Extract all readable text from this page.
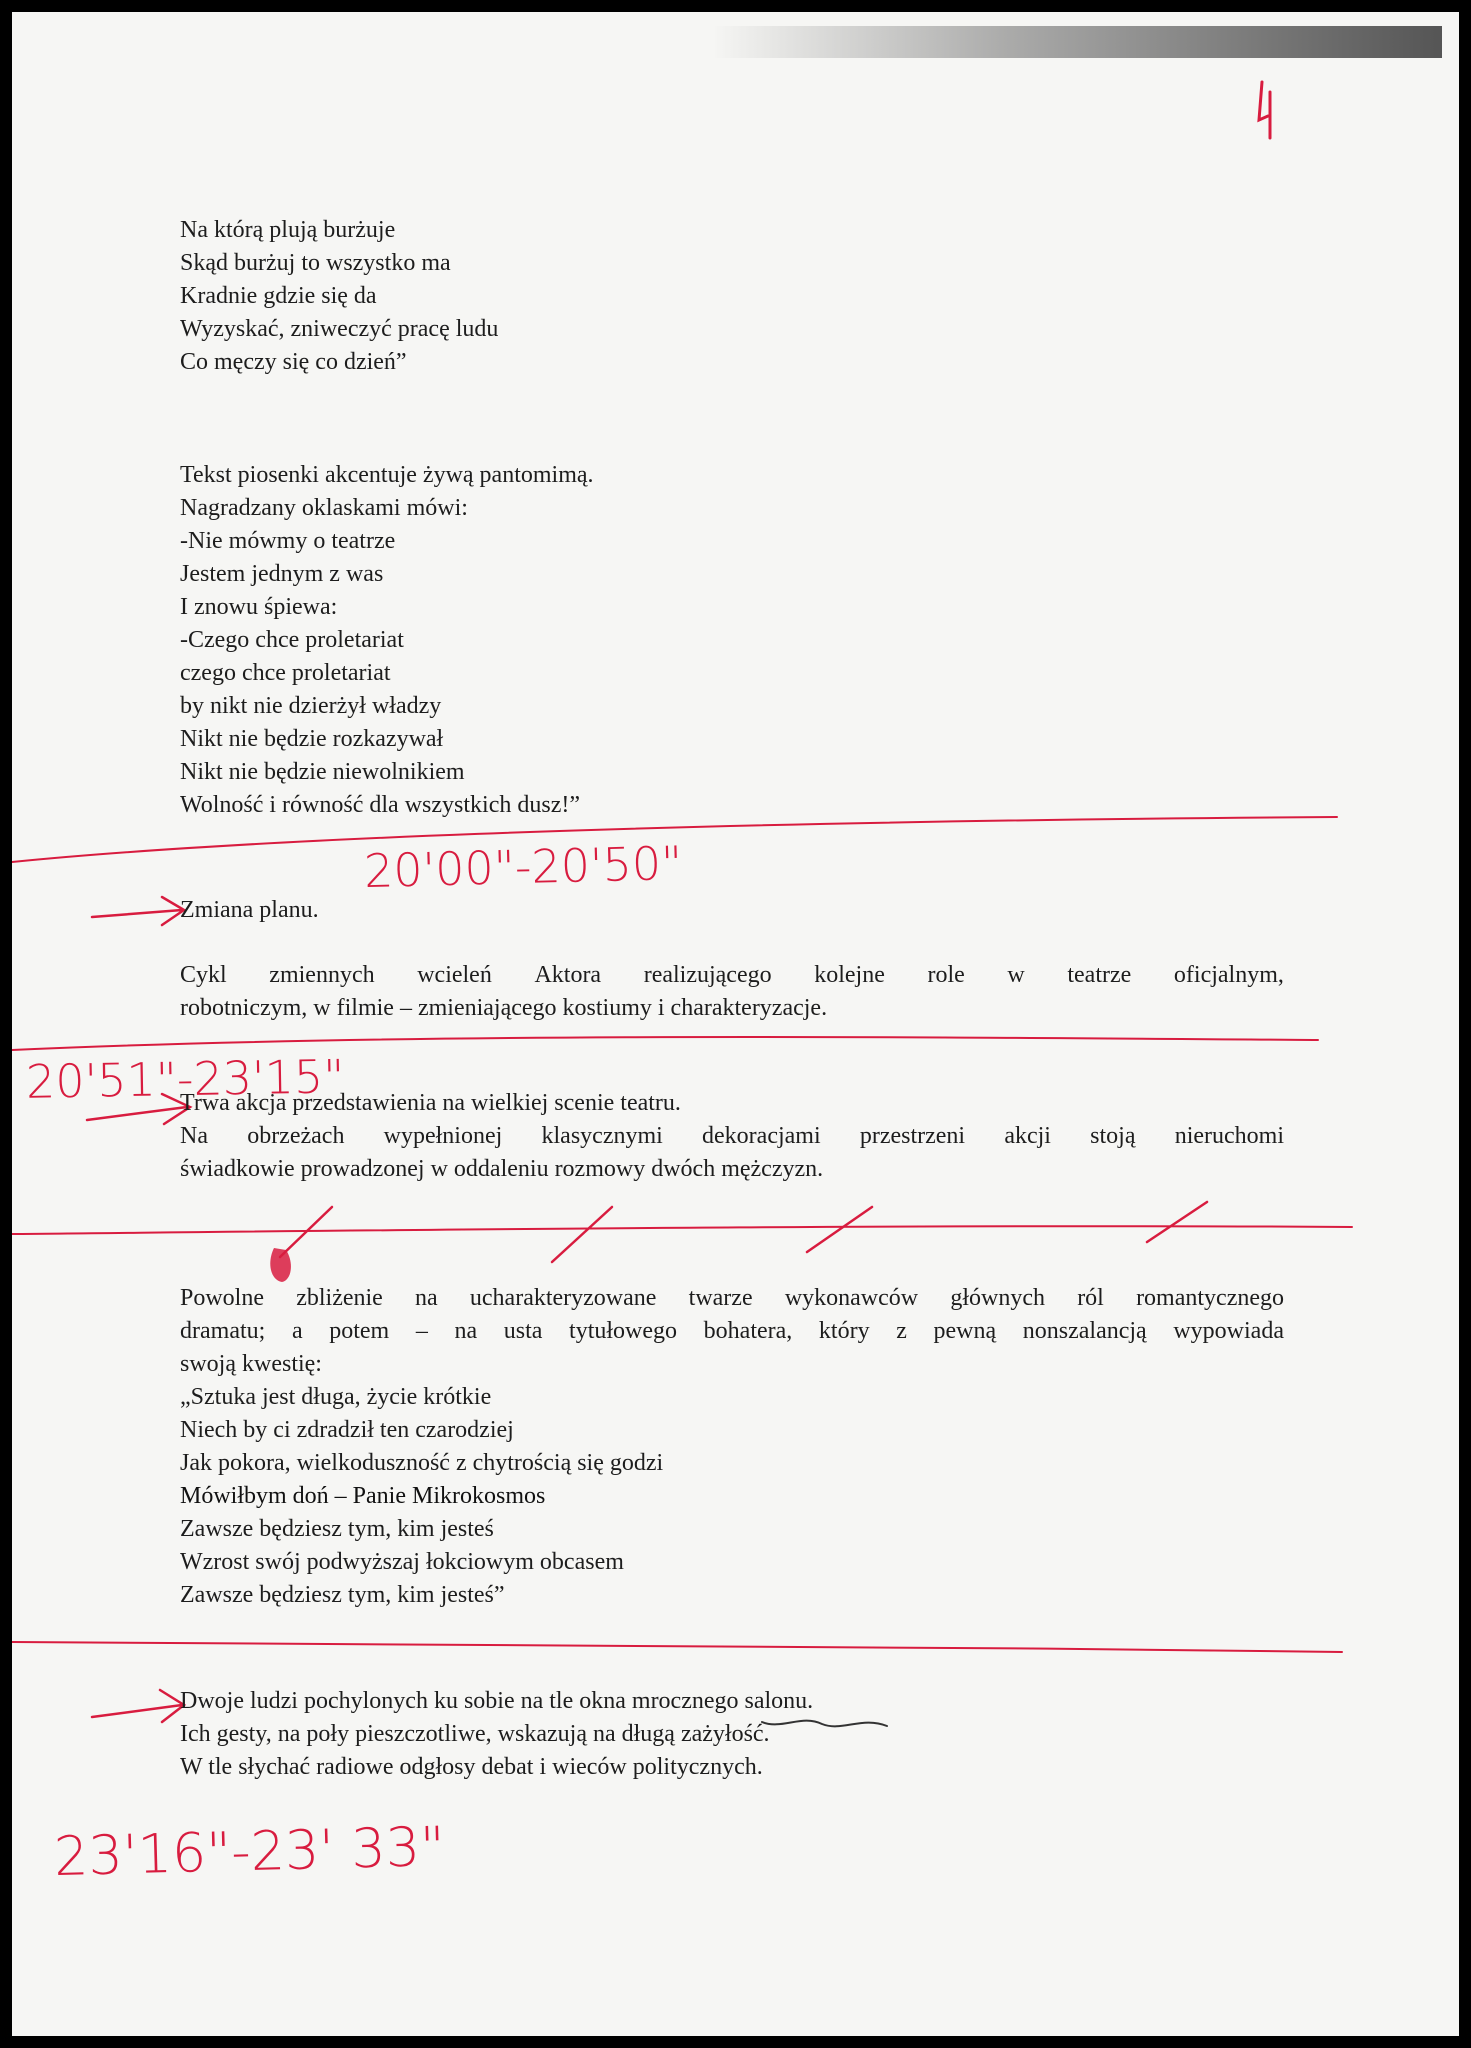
20'00"-20'50"
20'51"-23'15"
23'16"-23' 33"
Na którą plują burżuje
Skąd burżuj to wszystko ma
Kradnie gdzie się da
Wyzyskać, zniweczyć pracę ludu
Co męczy się co dzień”
Tekst piosenki akcentuje żywą pantomimą.
Nagradzany oklaskami mówi:
-Nie mówmy o teatrze
Jestem jednym z was
I znowu śpiewa:
-Czego chce proletariat
czego chce proletariat
by nikt nie dzierżył władzy
Nikt nie będzie rozkazywał
Nikt nie będzie niewolnikiem
Wolność i równość dla wszystkich dusz!”
Zmiana planu.
Cykl zmiennych wcieleń Aktora realizującego kolejne role w teatrze oficjalnym,
robotniczym, w filmie – zmieniającego kostiumy i charakteryzacje.
Trwa akcja przedstawienia na wielkiej scenie teatru.
Na obrzeżach wypełnionej klasycznymi dekoracjami przestrzeni akcji stoją nieruchomi
świadkowie prowadzonej w oddaleniu rozmowy dwóch mężczyzn.
Powolne zbliżenie na ucharakteryzowane twarze wykonawców głównych ról romantycznego
dramatu; a potem – na usta tytułowego bohatera, który z pewną nonszalancją wypowiada
swoją kwestię:
„Sztuka jest długa, życie krótkie
Niech by ci zdradził ten czarodziej
Jak pokora, wielkoduszność z chytrością się godzi
Mówiłbym doń – Panie Mikrokosmos
Zawsze będziesz tym, kim jesteś
Wzrost swój podwyższaj łokciowym obcasem
Zawsze będziesz tym, kim jesteś”
Dwoje ludzi pochylonych ku sobie na tle okna mrocznego salonu.
Ich gesty, na poły pieszczotliwe, wskazują na długą zażyłość.
W tle słychać radiowe odgłosy debat i wieców politycznych.
